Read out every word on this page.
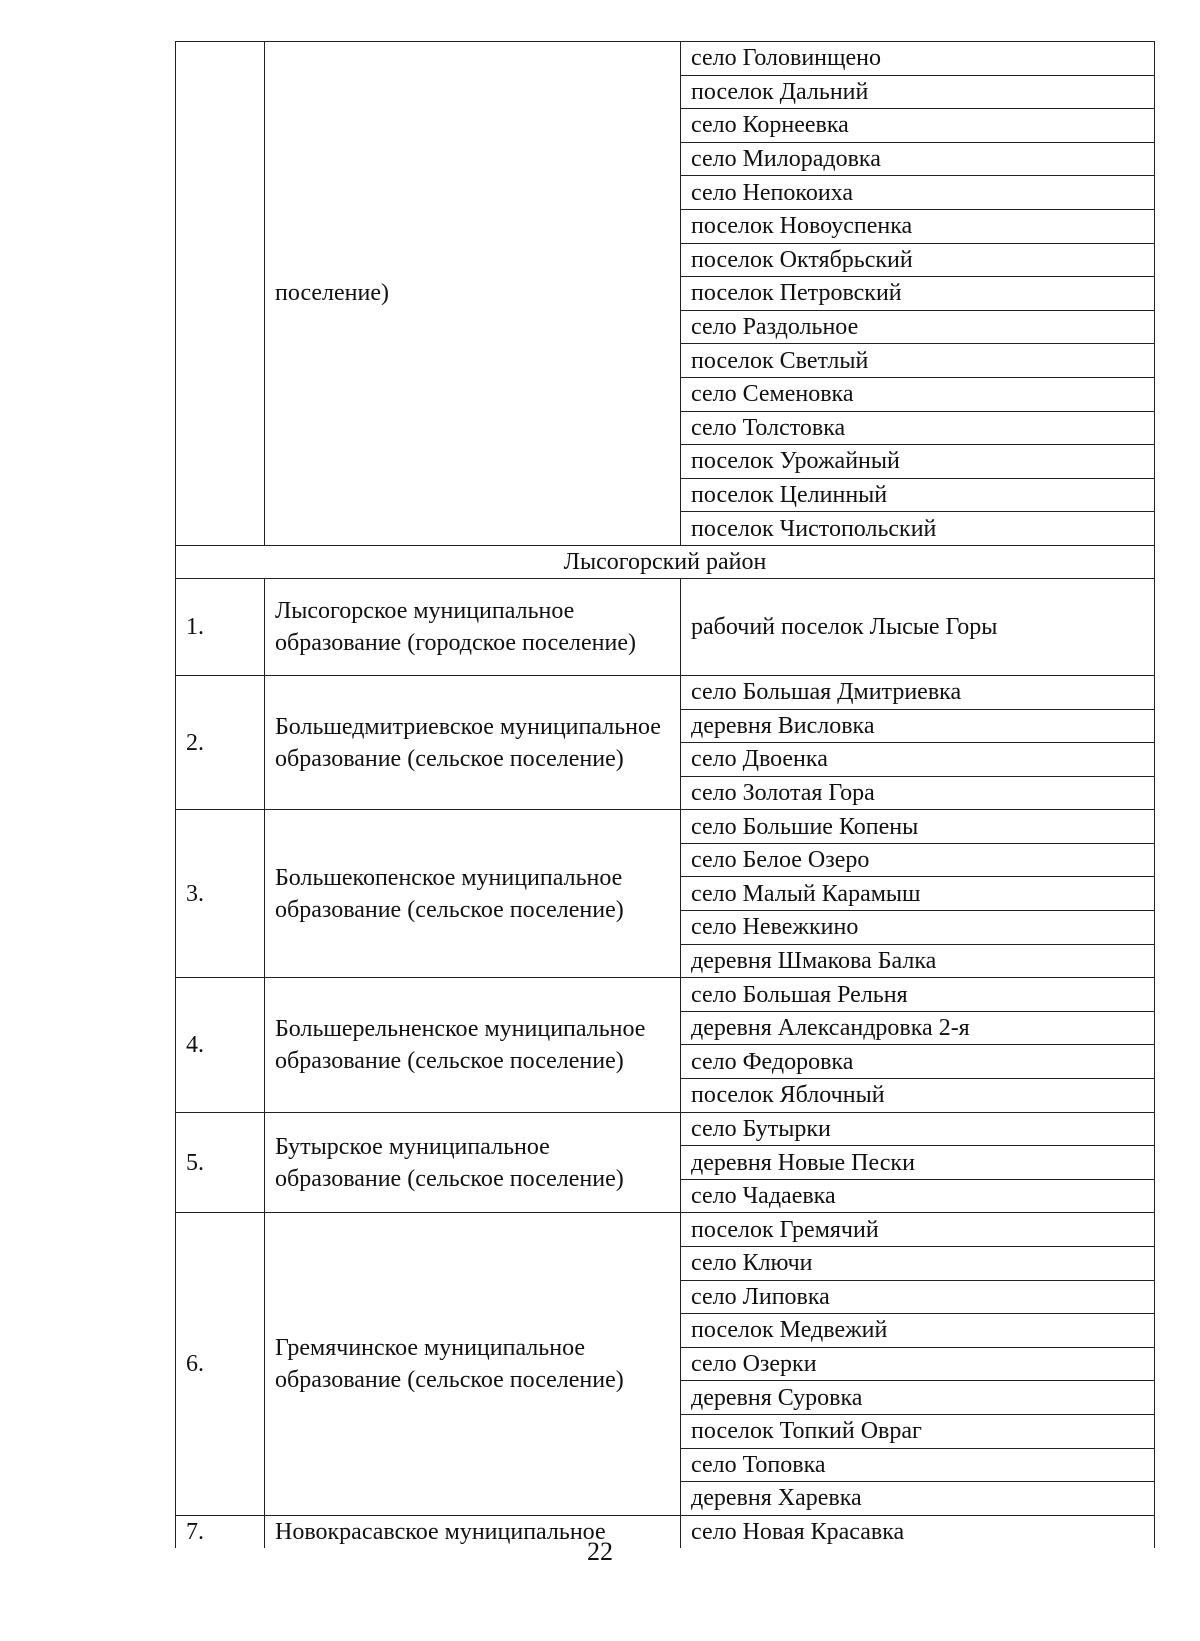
	поселение)	село Головинщено
		поселок Дальний
		село Корнеевка
		село Милорадовка
		село Непокоиха
		поселок Новоуспенка
		поселок Октябрьский
		поселок Петровский
		село Раздольное
		поселок Светлый
		село Семеновка
		село Толстовка
		поселок Урожайный
		поселок Целинный
		поселок Чистопольский
Лысогорский район		
1.	Лысогорское муниципальное образование (городское поселение)	рабочий поселок Лысые Горы
2.	Большедмитриевское муниципальное образование (сельское поселение)	село Большая Дмитриевка
		деревня Висловка
		село Двоенка
		село Золотая Гора
3.	Большекопенское муниципальное образование (сельское поселение)	село Большие Копены
		село Белое Озеро
		село Малый Карамыш
		село Невежкино
		деревня Шмакова Балка
4.	Большерельненское муниципальное образование (сельское поселение)	село Большая Рельня
		деревня Александровка 2-я
		село Федоровка
		поселок Яблочный
5.	Бутырское муниципальное образование (сельское поселение)	село Бутырки
		деревня Новые Пески
		село Чадаевка
6.	Гремячинское муниципальное образование (сельское поселение)	поселок Гремячий
		село Ключи
		село Липовка
		поселок Медвежий
		село Озерки
		деревня Суровка
		поселок Топкий Овраг
		село Топовка
		деревня Харевка
7.	Новокрасавское муниципальное	село Новая Красавка
22
